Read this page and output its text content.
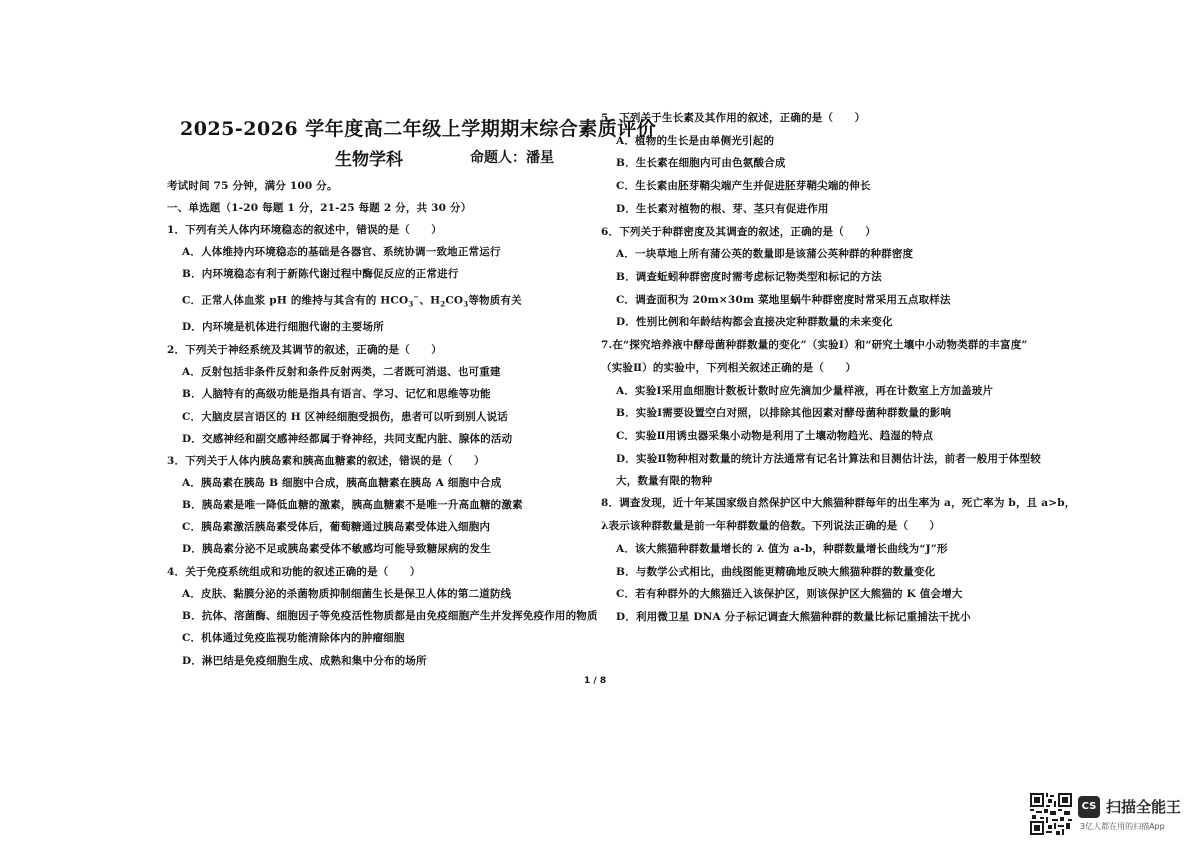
2025-2026 学年度高二年级上学期期末综合素质评价
生物学科	命题人：潘星
考试时间 75 分钟，满分 100 分。
一、单选题（1-20 每题 1 分，21-25 每题 2 分，共 30 分）
1．下列有关人体内环境稳态的叙述中，错误的是（　　）
A．人体维持内环境稳态的基础是各器官、系统协调一致地正常运行
B．内环境稳态有利于新陈代谢过程中酶促反应的正常进行
C．正常人体血浆 pH 的维持与其含有的 $HCO_3^-$、$H_2CO_3$等物质有关
D．内环境是机体进行细胞代谢的主要场所
2．下列关于神经系统及其调节的叙述，正确的是（　　）
A．反射包括非条件反射和条件反射两类，二者既可消退、也可重建
B．人脑特有的高级功能是指具有语言、学习、记忆和思维等功能
C．大脑皮层言语区的 H 区神经细胞受损伤，患者可以听到别人说话
D．交感神经和副交感神经都属于脊神经，共同支配内脏、腺体的活动
3．下列关于人体内胰岛素和胰高血糖素的叙述，错误的是（　　）
A．胰岛素在胰岛 B 细胞中合成，胰高血糖素在胰岛 A 细胞中合成
B．胰岛素是唯一降低血糖的激素，胰高血糖素不是唯一升高血糖的激素
C．胰岛素激活胰岛素受体后，葡萄糖通过胰岛素受体进入细胞内
D．胰岛素分泌不足或胰岛素受体不敏感均可能导致糖尿病的发生
4．关于免疫系统组成和功能的叙述正确的是（　　）
A．皮肤、黏膜分泌的杀菌物质抑制细菌生长是保卫人体的第二道防线
B．抗体、溶菌酶、细胞因子等免疫活性物质都是由免疫细胞产生并发挥免疫作用的物质
C．机体通过免疫监视功能清除体内的肿瘤细胞
D．淋巴结是免疫细胞生成、成熟和集中分布的场所
1 / 8
5．下列关于生长素及其作用的叙述，正确的是（　　）
A．植物的生长是由单侧光引起的
B．生长素在细胞内可由色氨酸合成
C．生长素由胚芽鞘尖端产生并促进胚芽鞘尖端的伸长
D．生长素对植物的根、芽、茎只有促进作用
6．下列关于种群密度及其调查的叙述，正确的是（　　）
A．一块草地上所有蒲公英的数量即是该蒲公英种群的种群密度
B．调查蚯蚓种群密度时需考虑标记物类型和标记的方法
C．调查面积为 20m×30m 菜地里蜗牛种群密度时常采用五点取样法
D．性别比例和年龄结构都会直接决定种群数量的未来变化
7.在“探究培养液中酵母菌种群数量的变化”（实验Ⅰ）和“研究土壤中小动物类群的丰富度”
（实验Ⅱ）的实验中，下列相关叙述正确的是（　　）
A．实验Ⅰ采用血细胞计数板计数时应先滴加少量样液，再在计数室上方加盖玻片
B．实验Ⅰ需要设置空白对照，以排除其他因素对酵母菌种群数量的影响
C．实验Ⅱ用诱虫器采集小动物是利用了土壤动物趋光、趋湿的特点
D．实验Ⅱ物种相对数量的统计方法通常有记名计算法和目测估计法，前者一般用于体型较
大，数量有限的物种
8．调查发现，近十年某国家级自然保护区中大熊猫种群每年的出生率为 a，死亡率为 b，且 a>b，
λ表示该种群数量是前一年种群数量的倍数。下列说法正确的是（　　）
A．该大熊猫种群数量增长的 λ 值为 a-b，种群数量增长曲线为“J”形
B．与数学公式相比，曲线图能更精确地反映大熊猫种群的数量变化
C．若有种群外的大熊猫迁入该保护区，则该保护区大熊猫的 K 值会增大
D．利用微卫星 DNA 分子标记调查大熊猫种群的数量比标记重捕法干扰小
CS 扫描全能王
3亿人都在用的扫描App
